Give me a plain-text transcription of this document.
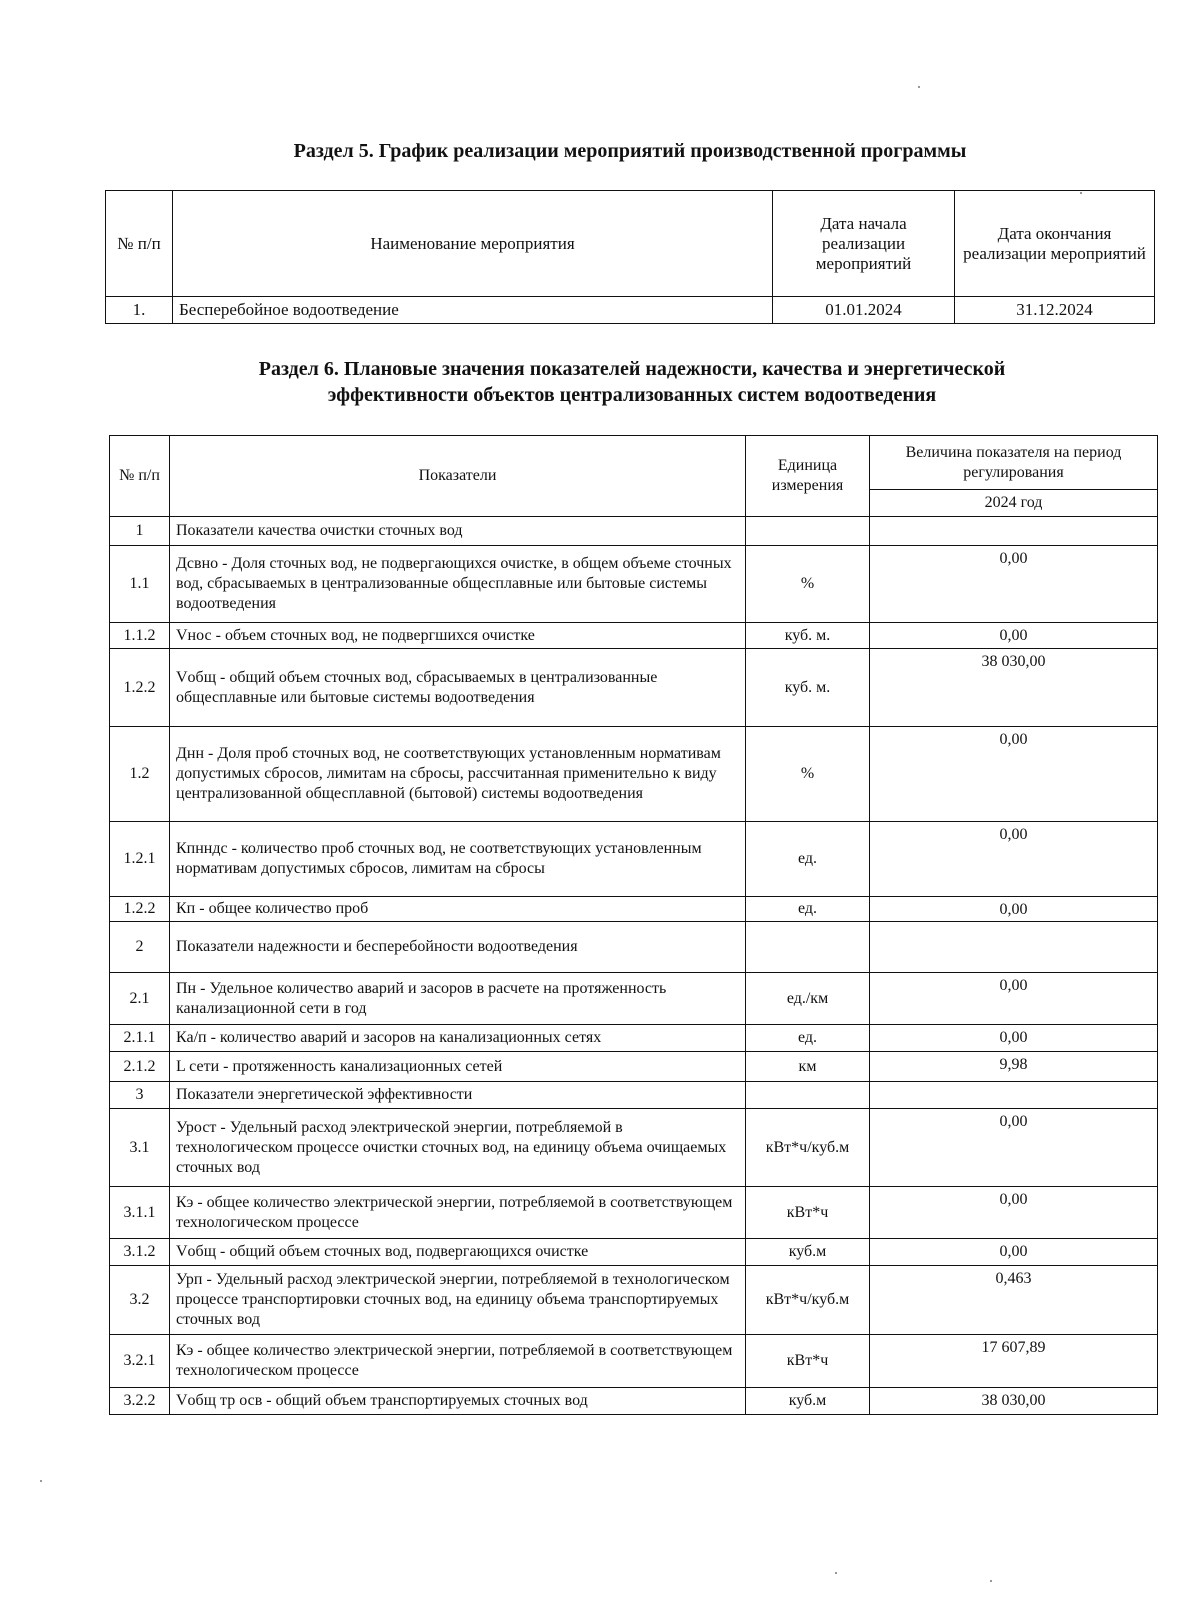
Раздел 5. График реализации мероприятий производственной программы
№ п/п	Наименование мероприятия	Дата начала реализации мероприятий	Дата окончания реализации мероприятий
1.	Бесперебойное водоотведение	01.01.2024	31.12.2024
Раздел 6. Плановые значения показателей надежности, качества и энергетической
эффективности объектов централизованных систем водоотведения
№ п/п	Показатели	Единица измерения	Величина показателя на период регулирования
			2024 год
1	Показатели качества очистки сточных вод		
1.1	Дсвно - Доля сточных вод, не подвергающихся очистке, в общем объеме сточных вод, сбрасываемых в централизованные общесплавные или бытовые системы водоотведения	%	0,00
1.1.2	Vнос - объем сточных вод, не подвергшихся очистке	куб. м.	0,00
1.2.2	Vобщ - общий объем сточных вод, сбрасываемых в централизованные общесплавные или бытовые системы водоотведения	куб. м.	38 030,00
1.2	Днн - Доля проб сточных вод, не соответствующих установленным нормативам допустимых сбросов, лимитам на сбросы, рассчитанная применительно к виду централизованной общесплавной (бытовой) системы водоотведения	%	0,00
1.2.1	Кпнндс - количество проб сточных вод, не соответствующих установленным нормативам допустимых сбросов, лимитам на сбросы	ед.	0,00
1.2.2	Кп - общее количество проб	ед.	0,00
2	Показатели надежности и бесперебойности водоотведения		
2.1	Пн - Удельное количество аварий и засоров в расчете на протяженность канализационной сети в год	ед./км	0,00
2.1.1	Ка/п - количество аварий и засоров на канализационных сетях	ед.	0,00
2.1.2	L сети - протяженность канализационных сетей	км	9,98
3	Показатели энергетической эффективности		
3.1	Урост - Удельный расход электрической энергии, потребляемой в технологическом процессе очистки сточных вод, на единицу объема очищаемых сточных вод	кВт*ч/куб.м	0,00
3.1.1	Кэ - общее количество электрической энергии, потребляемой в соответствующем технологическом процессе	кВт*ч	0,00
3.1.2	Vобщ - общий объем сточных вод, подвергающихся очистке	куб.м	0,00
3.2	Урп - Удельный расход электрической энергии, потребляемой в технологическом процессе транспортировки сточных вод, на единицу объема транспортируемых сточных вод	кВт*ч/куб.м	0,463
3.2.1	Кэ - общее количество электрической энергии, потребляемой в соответствующем технологическом процессе	кВт*ч	17 607,89
3.2.2	Vобщ тр осв - общий объем транспортируемых сточных вод	куб.м	38 030,00
